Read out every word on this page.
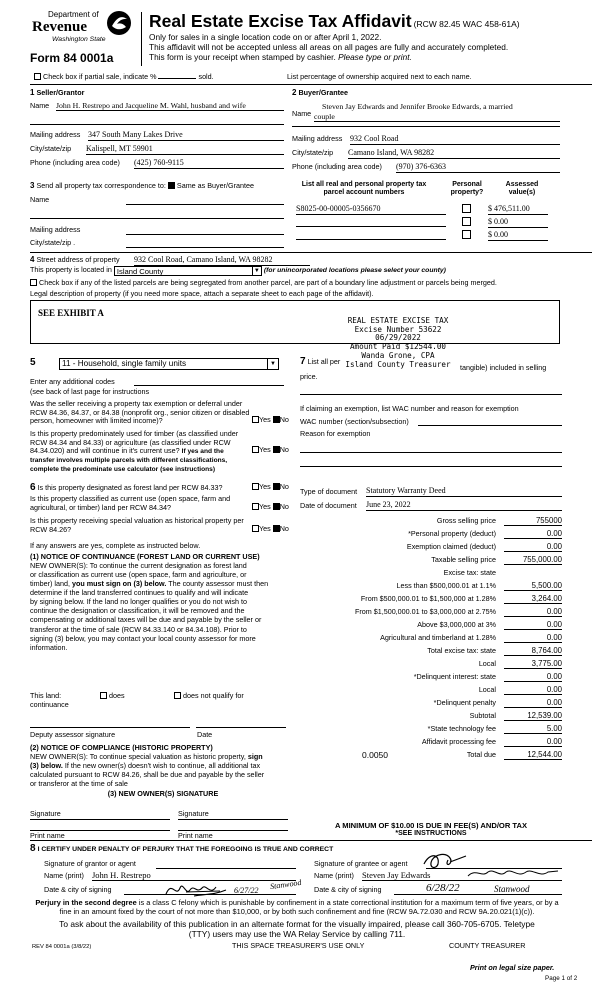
Department of
Revenue
Washington State
Form 84 0001a
Real Estate Excise Tax Affidavit (RCW 82.45 WAC 458-61A)
Only for sales in a single location code on or after April 1, 2022.
This affidavit will not be accepted unless all areas on all pages are fully and accurately completed.
This form is your receipt when stamped by cashier. Please type or print.
Check box if partial sale, indicate %	sold.	List percentage of ownership acquired next to each name.
1 Seller/Grantor
Name John H. Restrepo and Jacqueline M. Wahl, husband and wife
Mailing address 347 South Many Lakes Drive
City/state/zip Kalispell, MT 59901
Phone (including area code) (425) 760-9115
2 Buyer/Grantee
Name
Steven Jay Edwards and Jennifer Brooke Edwards, a married
couple
Mailing address 932 Cool Road
City/state/zip Camano Island, WA 98282
Phone (including area code) (970) 376-6363
3 Send all property tax correspondence to: Same as Buyer/Grantee
Name
Mailing address
City/state/zip .
List all real and personal property tax parcel account numbers
Personal property?
Assessed value(s)
S8025-00-00005-0356670	$ 476,511.00
$ 0.00
$ 0.00
4 Street address of property 932 Cool Road, Camano Island, WA 98282
This property is located in Island County	▼ (for unincorporated locations please select your county)
Check box if any of the listed parcels are being segregated from another parcel, are part of a boundary line adjustment or parcels being merged.
Legal description of property (if you need more space, attach a separate sheet to each page of the affidavit).
SEE EXHIBIT A
REAL ESTATE EXCISE TAX
Excise Number 53622
06/29/2022
Amount Paid $12544.00
Wanda Grone, CPA
Island County Treasurer
5	11 - Household, single family units	▼
Enter any additional codes
(see back of last page for instructions
Was the seller receiving a property tax exemption or deferral under RCW 84.36, 84.37, or 84.38 (nonprofit org., senior citizen or disabled person, homeowner with limited income)?	Yes No
Is this property predominately used for timber (as classified under RCW 84.34 and 84.33) or agriculture (as classified under RCW 84.34.020) and will continue in it's current use? If yes and the transfer involves multiple parcels with different classifications, complete the predominate use calculator (see instructions)
Yes No
7 List all per
tangible) included in selling price.
If claiming an exemption, list WAC number and reason for exemption
WAC number (section/subsection)
Reason for exemption
6 Is this property designated as forest land per RCW 84.33?	Yes No
Is this property classified as current use (open space, farm and agricultural, or timber) land per RCW 84.34?	Yes No
Is this property receiving special valuation as historical property per RCW 84.26?	Yes No
If any answers are yes, complete as instructed below.
(1) NOTICE OF CONTINUANCE (FOREST LAND OR CURRENT USE)
NEW OWNER(S): To continue the current designation as forest land
or classification as current use (open space, farm and agriculture, or
timber) land, you must sign on (3) below. The county assessor must then
determine if the land transferred continues to qualify and will indicate
by signing below. If the land no longer qualifies or you do not wish to
continue the designation or classification, it will be removed and the
compensating or additional taxes will be due and payable by the seller or
transferor at the time of sale (RCW 84.33.140 or 84.34.108). Prior to
signing (3) below, you may contact your local county assessor for more
information.
This land:
continuance
does	does not qualify for
Deputy assessor signature	Date
(2) NOTICE OF COMPLIANCE (HISTORIC PROPERTY)
NEW OWNER(S): To continue special valuation as historic property, sign
(3) below. If the new owner(s) doesn't wish to continue, all additional tax
calculated pursuant to RCW 84.26, shall be due and payable by the seller
or transferor at the time of sale
(3) NEW OWNER(S) SIGNATURE
Signature	Signature
Print name	Print name
Type of document Statutory Warranty Deed
Date of document June 23, 2022
Gross selling price	755000
*Personal property (deduct)	0.00
Exemption claimed (deduct)	0.00
Taxable selling price	755,000.00
Excise tax: state
Less than $500,000.01 at 1.1%	5,500.00
From $500,000.01 to $1,500,000 at 1.28%	3,264.00
From $1,500,000.01 to $3,000,000 at 2.75%	0.00
Above $3,000,000 at 3%	0.00
Agricultural and timberland at 1.28%	0.00
Total excise tax: state	8,764.00
Local	3,775.00
*Delinquent interest: state	0.00
Local	0.00
*Delinquent penalty	0.00
Subtotal	12,539.00
*State technology fee	5.00
Affidavit processing fee	0.00
Total due	12,544.00
0.0050
A MINIMUM OF $10.00 IS DUE IN FEE(S) AND/OR TAX
*SEE INSTRUCTIONS
8 I CERTIFY UNDER PENALTY OF PERJURY THAT THE FOREGOING IS TRUE AND CORRECT
Signature of grantor or agent
Name (print) John H. Restrepo
Date & city of signing	6/27/22 Stanwood
Signature of grantee or agent
Name (print) Steven Jay Edwards
Date & city of signing	6/28/22	Stanwood
Perjury in the second degree is a class C felony which is punishable by confinement in a state correctional institution for a maximum term of five years, or by a fine in an amount fixed by the court of not more than $10,000, or by both such confinement and fine (RCW 9A.72.030 and RCW 9A.20.021(1)(c)).
To ask about the availability of this publication in an alternate format for the visually impaired, please call 360-705-6705. Teletype
(TTY) users may use the WA Relay Service by calling 711.
REV 84 0001a (3/8/22)	THIS SPACE TREASURER'S USE ONLY	COUNTY TREASURER
Print on legal size paper.
Page 1 of 2
